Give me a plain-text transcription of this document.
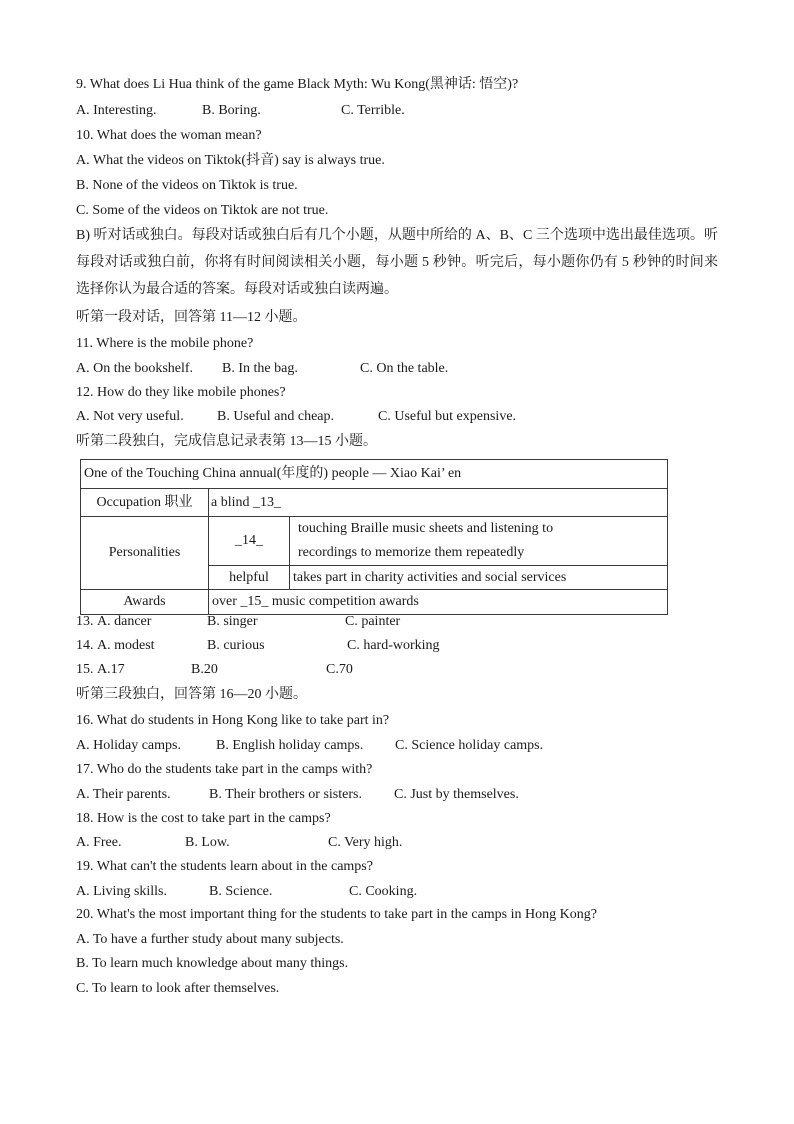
9. What does Li Hua think of the game Black Myth: Wu Kong(黑神话: 悟空)?
A. Interesting.	B. Boring.	C. Terrible.
10. What does the woman mean?
A. What the videos on Tiktok(抖音) say is always true.
B. None of the videos on Tiktok is true.
C. Some of the videos on Tiktok are not true.
B) 听对话或独白。每段对话或独白后有几个小题，从题中所给的 A、B、C 三个选项中选出最佳选项。听
每段对话或独白前，你将有时间阅读相关小题，每小题 5 秒钟。听完后，每小题你仍有 5 秒钟的时间来
选择你认为最合适的答案。每段对话或独白读两遍。
听第一段对话，回答第 11—12 小题。
11. Where is the mobile phone?
A. On the bookshelf. B. In the bag.	C. On the table.
12. How do they like mobile phones?
A. Not very useful. B. Useful and cheap.	C. Useful but expensive.
听第二段独白，完成信息记录表第 13—15 小题。
One of the Touching China annual(年度的) people — Xiao Kai’ en		
Occupation 职业	a blind _13_	
Personalities	_14_	touching Braille music sheets and listening to recordings to memorize them repeatedly

	helpful	takes part in charity activities and social services
Awards	over _15_ music competition awards	
13. A. dancer	B. singer	C. painter
14. A. modest	B. curious	C. hard-working
15. A.17	B.20	C.70
听第三段独白，回答第 16—20 小题。
16. What do students in Hong Kong like to take part in?
A. Holiday camps.	B. English holiday camps. C. Science holiday camps.
17. Who do the students take part in the camps with?
A. Their parents.	B. Their brothers or sisters. C. Just by themselves.
18. How is the cost to take part in the camps?
A. Free.	B. Low.	C. Very high.
19. What can't the students learn about in the camps?
A. Living skills.	B. Science.	C. Cooking.
20. What's the most important thing for the students to take part in the camps in Hong Kong?
A. To have a further study about many subjects.
B. To learn much knowledge about many things.
C. To learn to look after themselves.
